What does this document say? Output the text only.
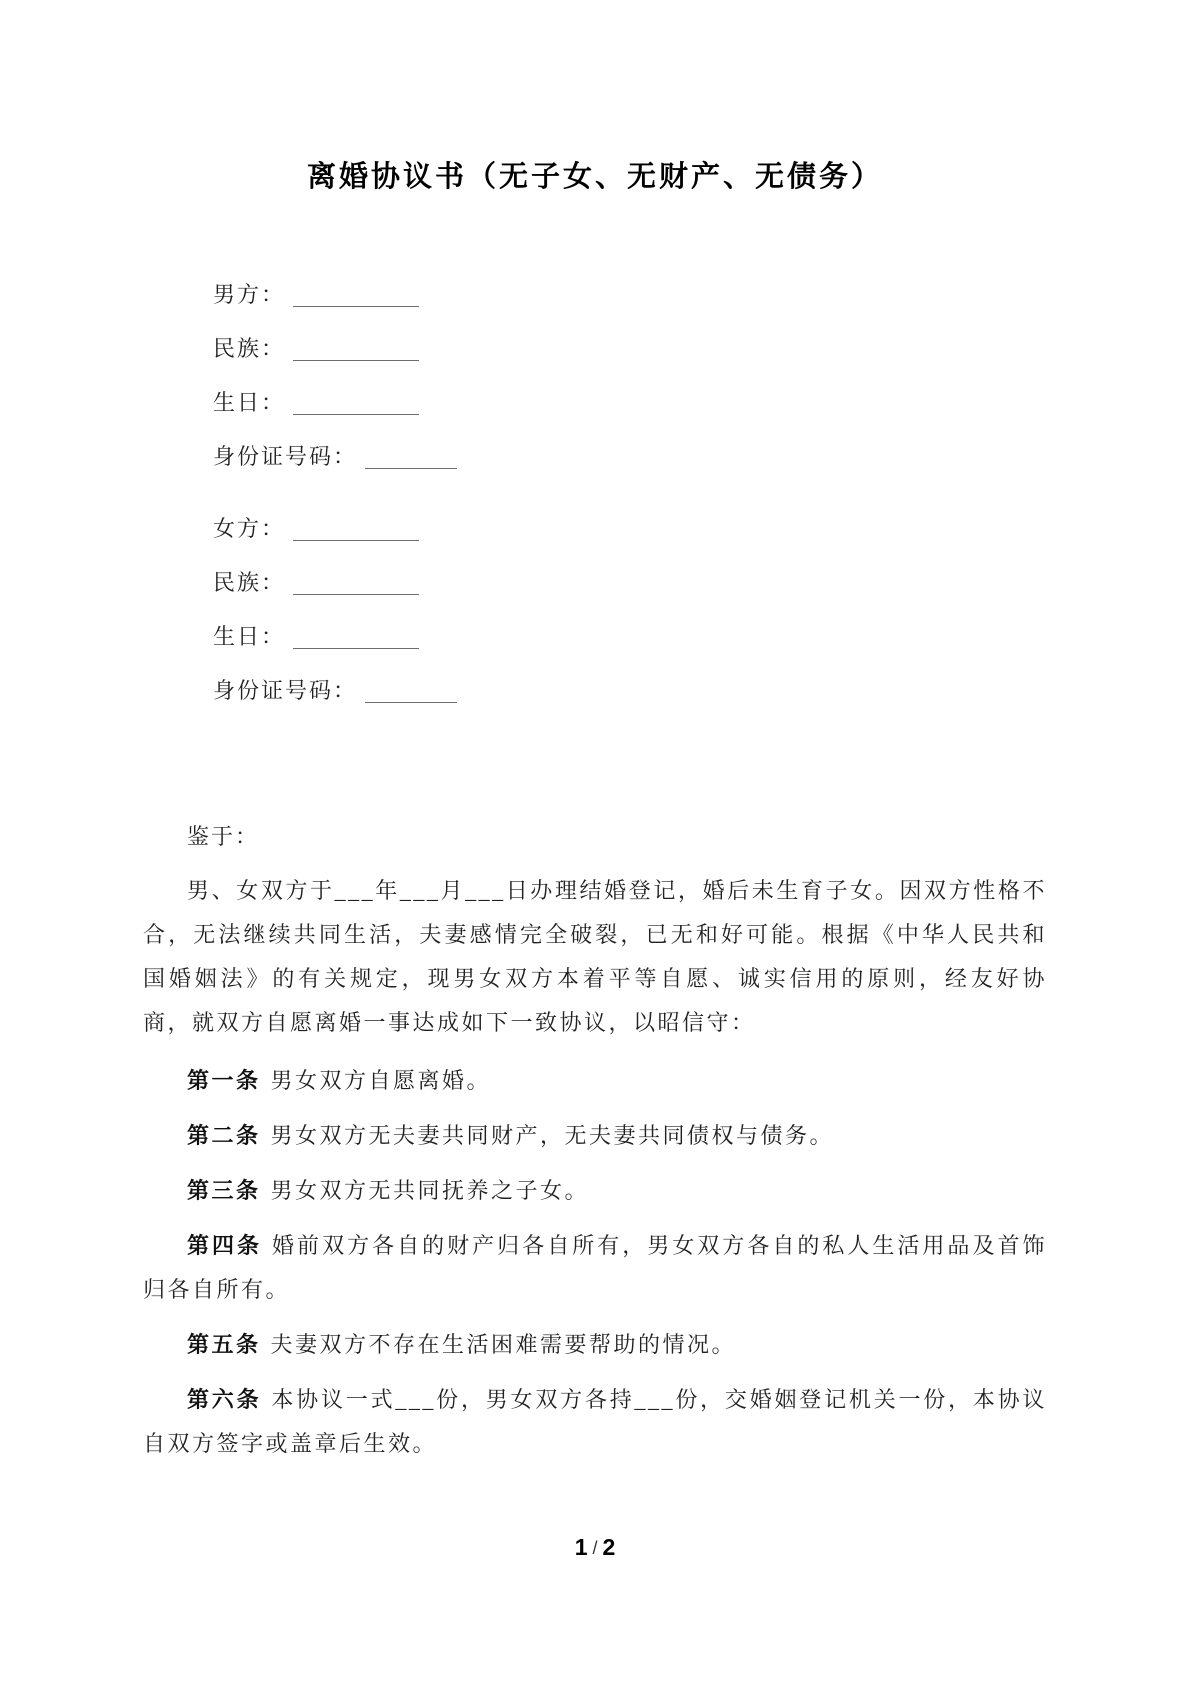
离婚协议书（无子女、无财产、无债务）

男方：

民族：

生日：

身份证号码：

女方：

民族：

生日：

身份证号码：

鉴于：

男、女双方于___年___月___日办理结婚登记，婚后未生育子女。因双方性格不合，无法继续共同生活，夫妻感情完全破裂，已无和好可能。根据《中华人民共和国婚姻法》的有关规定，现男女双方本着平等自愿、诚实信用的原则，经友好协商，就双方自愿离婚一事达成如下一致协议，以昭信守：

第一条 男女双方自愿离婚。

第二条 男女双方无夫妻共同财产，无夫妻共同债权与债务。

第三条 男女双方无共同抚养之子女。

第四条 婚前双方各自的财产归各自所有，男女双方各自的私人生活用品及首饰归各自所有。

第五条 夫妻双方不存在生活困难需要帮助的情况。

第六条 本协议一式___份，男女双方各持___份，交婚姻登记机关一份，本协议自双方签字或盖章后生效。

1 / 2
